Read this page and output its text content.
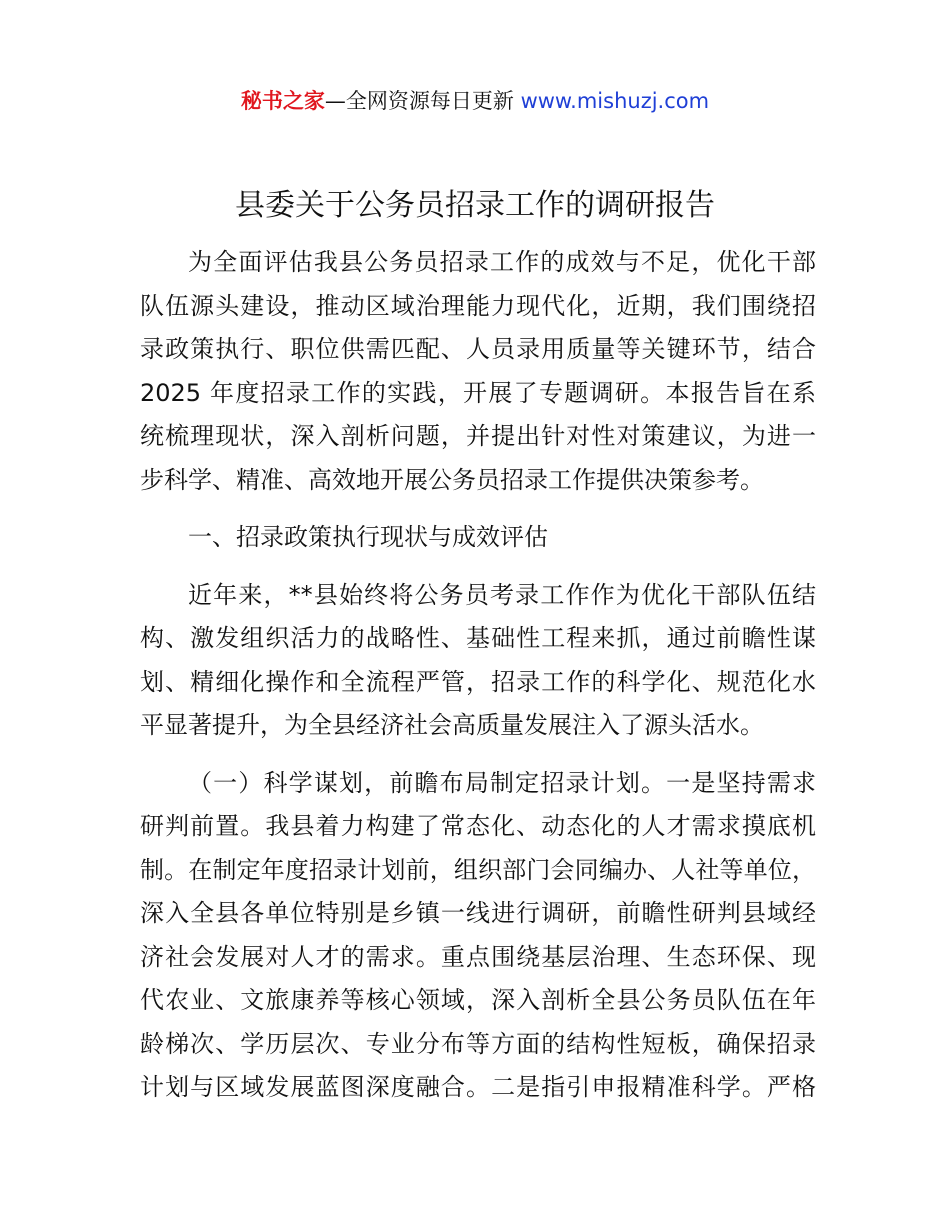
秘书之家—全网资源每日更新 www.mishuzj.com
县委关于公务员招录工作的调研报告
为全面评估我县公务员招录工作的成效与不足，优化干部
队伍源头建设，推动区域治理能力现代化，近期，我们围绕招
录政策执行、职位供需匹配、人员录用质量等关键环节，结合
2025 年度招录工作的实践，开展了专题调研。本报告旨在系
统梳理现状，深入剖析问题，并提出针对性对策建议，为进一
步科学、精准、高效地开展公务员招录工作提供决策参考。
一、招录政策执行现状与成效评估
近年来，**县始终将公务员考录工作作为优化干部队伍结
构、激发组织活力的战略性、基础性工程来抓，通过前瞻性谋
划、精细化操作和全流程严管，招录工作的科学化、规范化水
平显著提升，为全县经济社会高质量发展注入了源头活水。
（一）科学谋划，前瞻布局制定招录计划。一是坚持需求
研判前置。我县着力构建了常态化、动态化的人才需求摸底机
制。在制定年度招录计划前，组织部门会同编办、人社等单位，
深入全县各单位特别是乡镇一线进行调研，前瞻性研判县域经
济社会发展对人才的需求。重点围绕基层治理、生态环保、现
代农业、文旅康养等核心领域，深入剖析全县公务员队伍在年
龄梯次、学历层次、专业分布等方面的结构性短板，确保招录
计划与区域发展蓝图深度融合。二是指引申报精准科学。严格
